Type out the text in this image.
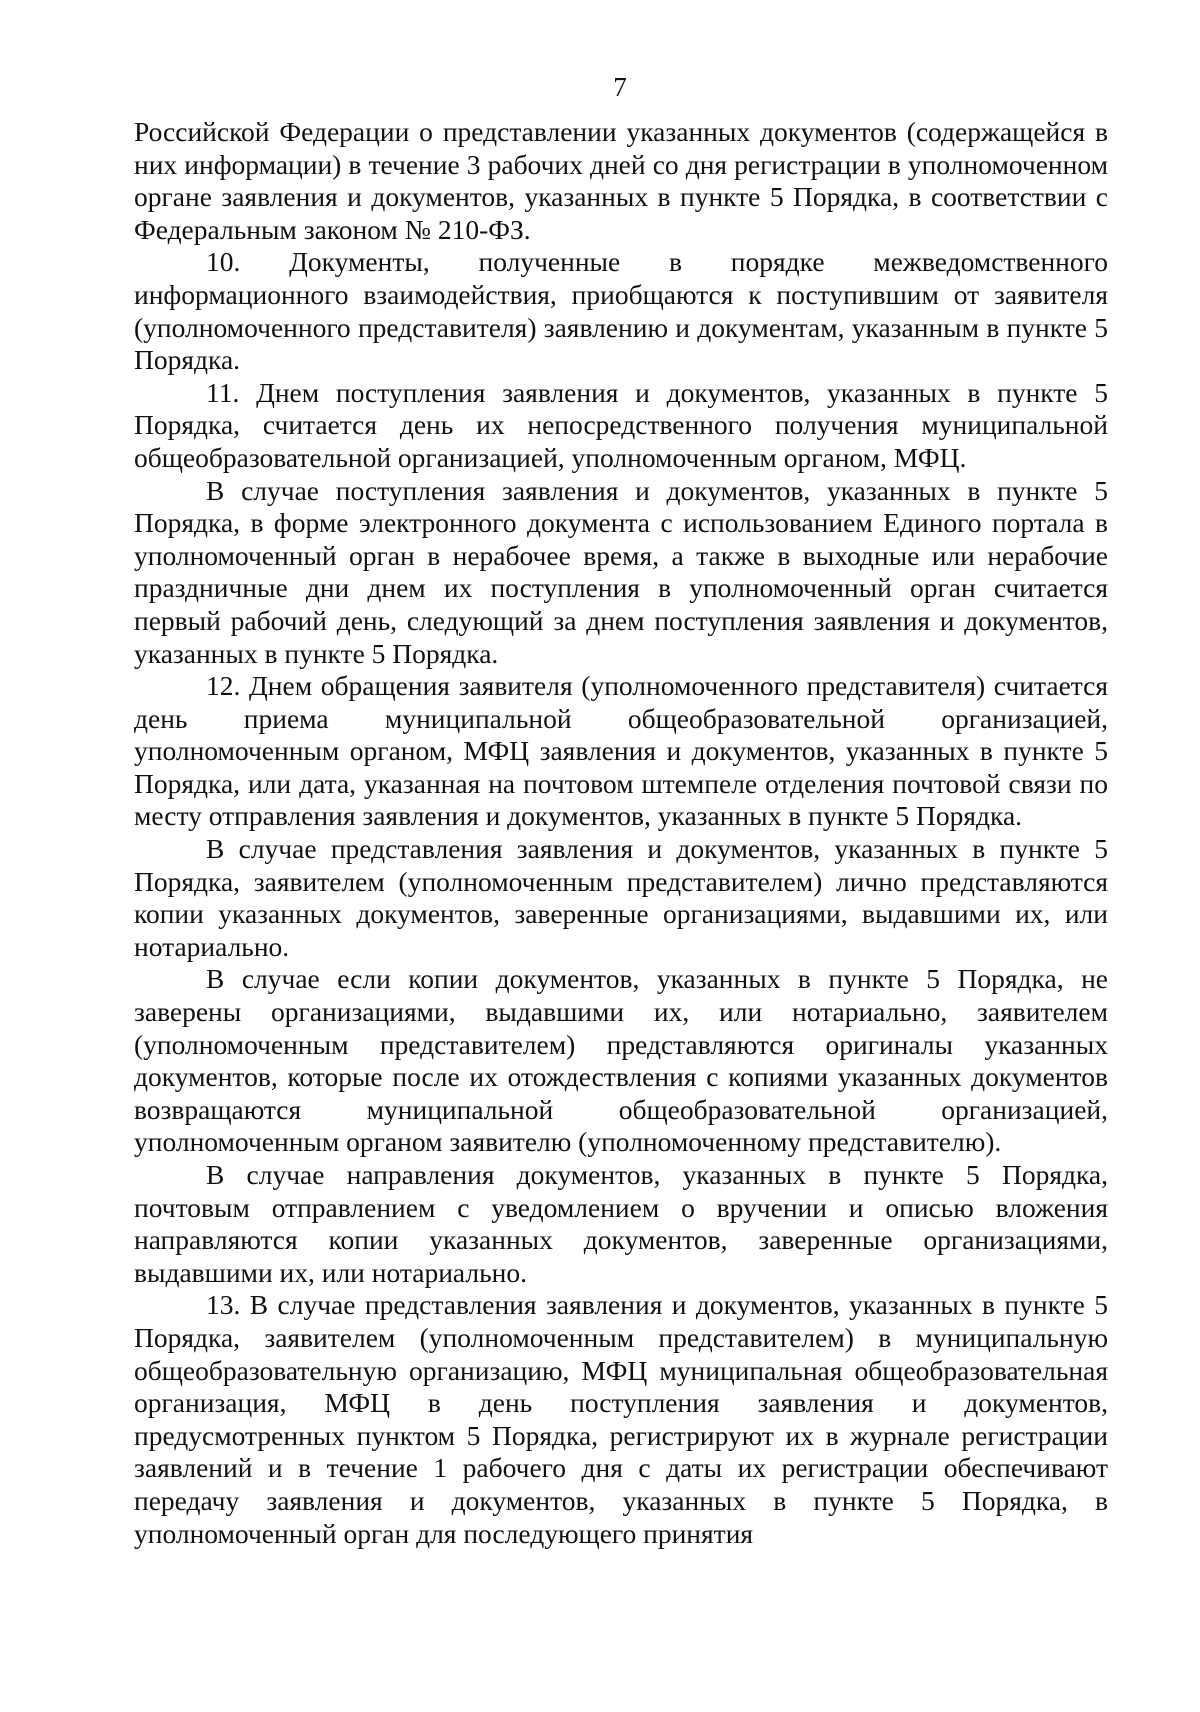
7

Российской Федерации о представлении указанных документов (содержащейся в них информации) в течение 3 рабочих дней со дня регистрации в уполномоченном органе заявления и документов, указанных в пункте 5 Порядка, в соответствии с Федеральным законом № 210-ФЗ.

10. Документы, полученные в порядке межведомственного информационного взаимодействия, приобщаются к поступившим от заявителя (уполномоченного представителя) заявлению и документам, указанным в пункте 5 Порядка.

11. Днем поступления заявления и документов, указанных в пункте 5 Порядка, считается день их непосредственного получения муниципальной общеобразовательной организацией, уполномоченным органом, МФЦ.

В случае поступления заявления и документов, указанных в пункте 5 Порядка, в форме электронного документа с использованием Единого портала в уполномоченный орган в нерабочее время, а также в выходные или нерабочие праздничные дни днем их поступления в уполномоченный орган считается первый рабочий день, следующий за днем поступления заявления и документов, указанных в пункте 5 Порядка.

12. Днем обращения заявителя (уполномоченного представителя) считается день приема муниципальной общеобразовательной организацией, уполномоченным органом, МФЦ заявления и документов, указанных в пункте 5 Порядка, или дата, указанная на почтовом штемпеле отделения почтовой связи по месту отправления заявления и документов, указанных в пункте 5 Порядка.

В случае представления заявления и документов, указанных в пункте 5 Порядка, заявителем (уполномоченным представителем) лично представляются копии указанных документов, заверенные организациями, выдавшими их, или нотариально.

В случае если копии документов, указанных в пункте 5 Порядка, не заверены организациями, выдавшими их, или нотариально, заявителем (уполномоченным представителем) представляются оригиналы указанных документов, которые после их отождествления с копиями указанных документов возвращаются муниципальной общеобразовательной организацией, уполномоченным органом заявителю (уполномоченному представителю).

В случае направления документов, указанных в пункте 5 Порядка, почтовым отправлением с уведомлением о вручении и описью вложения направляются копии указанных документов, заверенные организациями, выдавшими их, или нотариально.

13. В случае представления заявления и документов, указанных в пункте 5 Порядка, заявителем (уполномоченным представителем) в муниципальную общеобразовательную организацию, МФЦ муниципальная общеобразовательная организация, МФЦ в день поступления заявления и документов, предусмотренных пунктом 5 Порядка, регистрируют их в журнале регистрации заявлений и в течение 1 рабочего дня с даты их регистрации обеспечивают передачу заявления и документов, указанных в пункте 5 Порядка, в уполномоченный орган для последующего принятия
